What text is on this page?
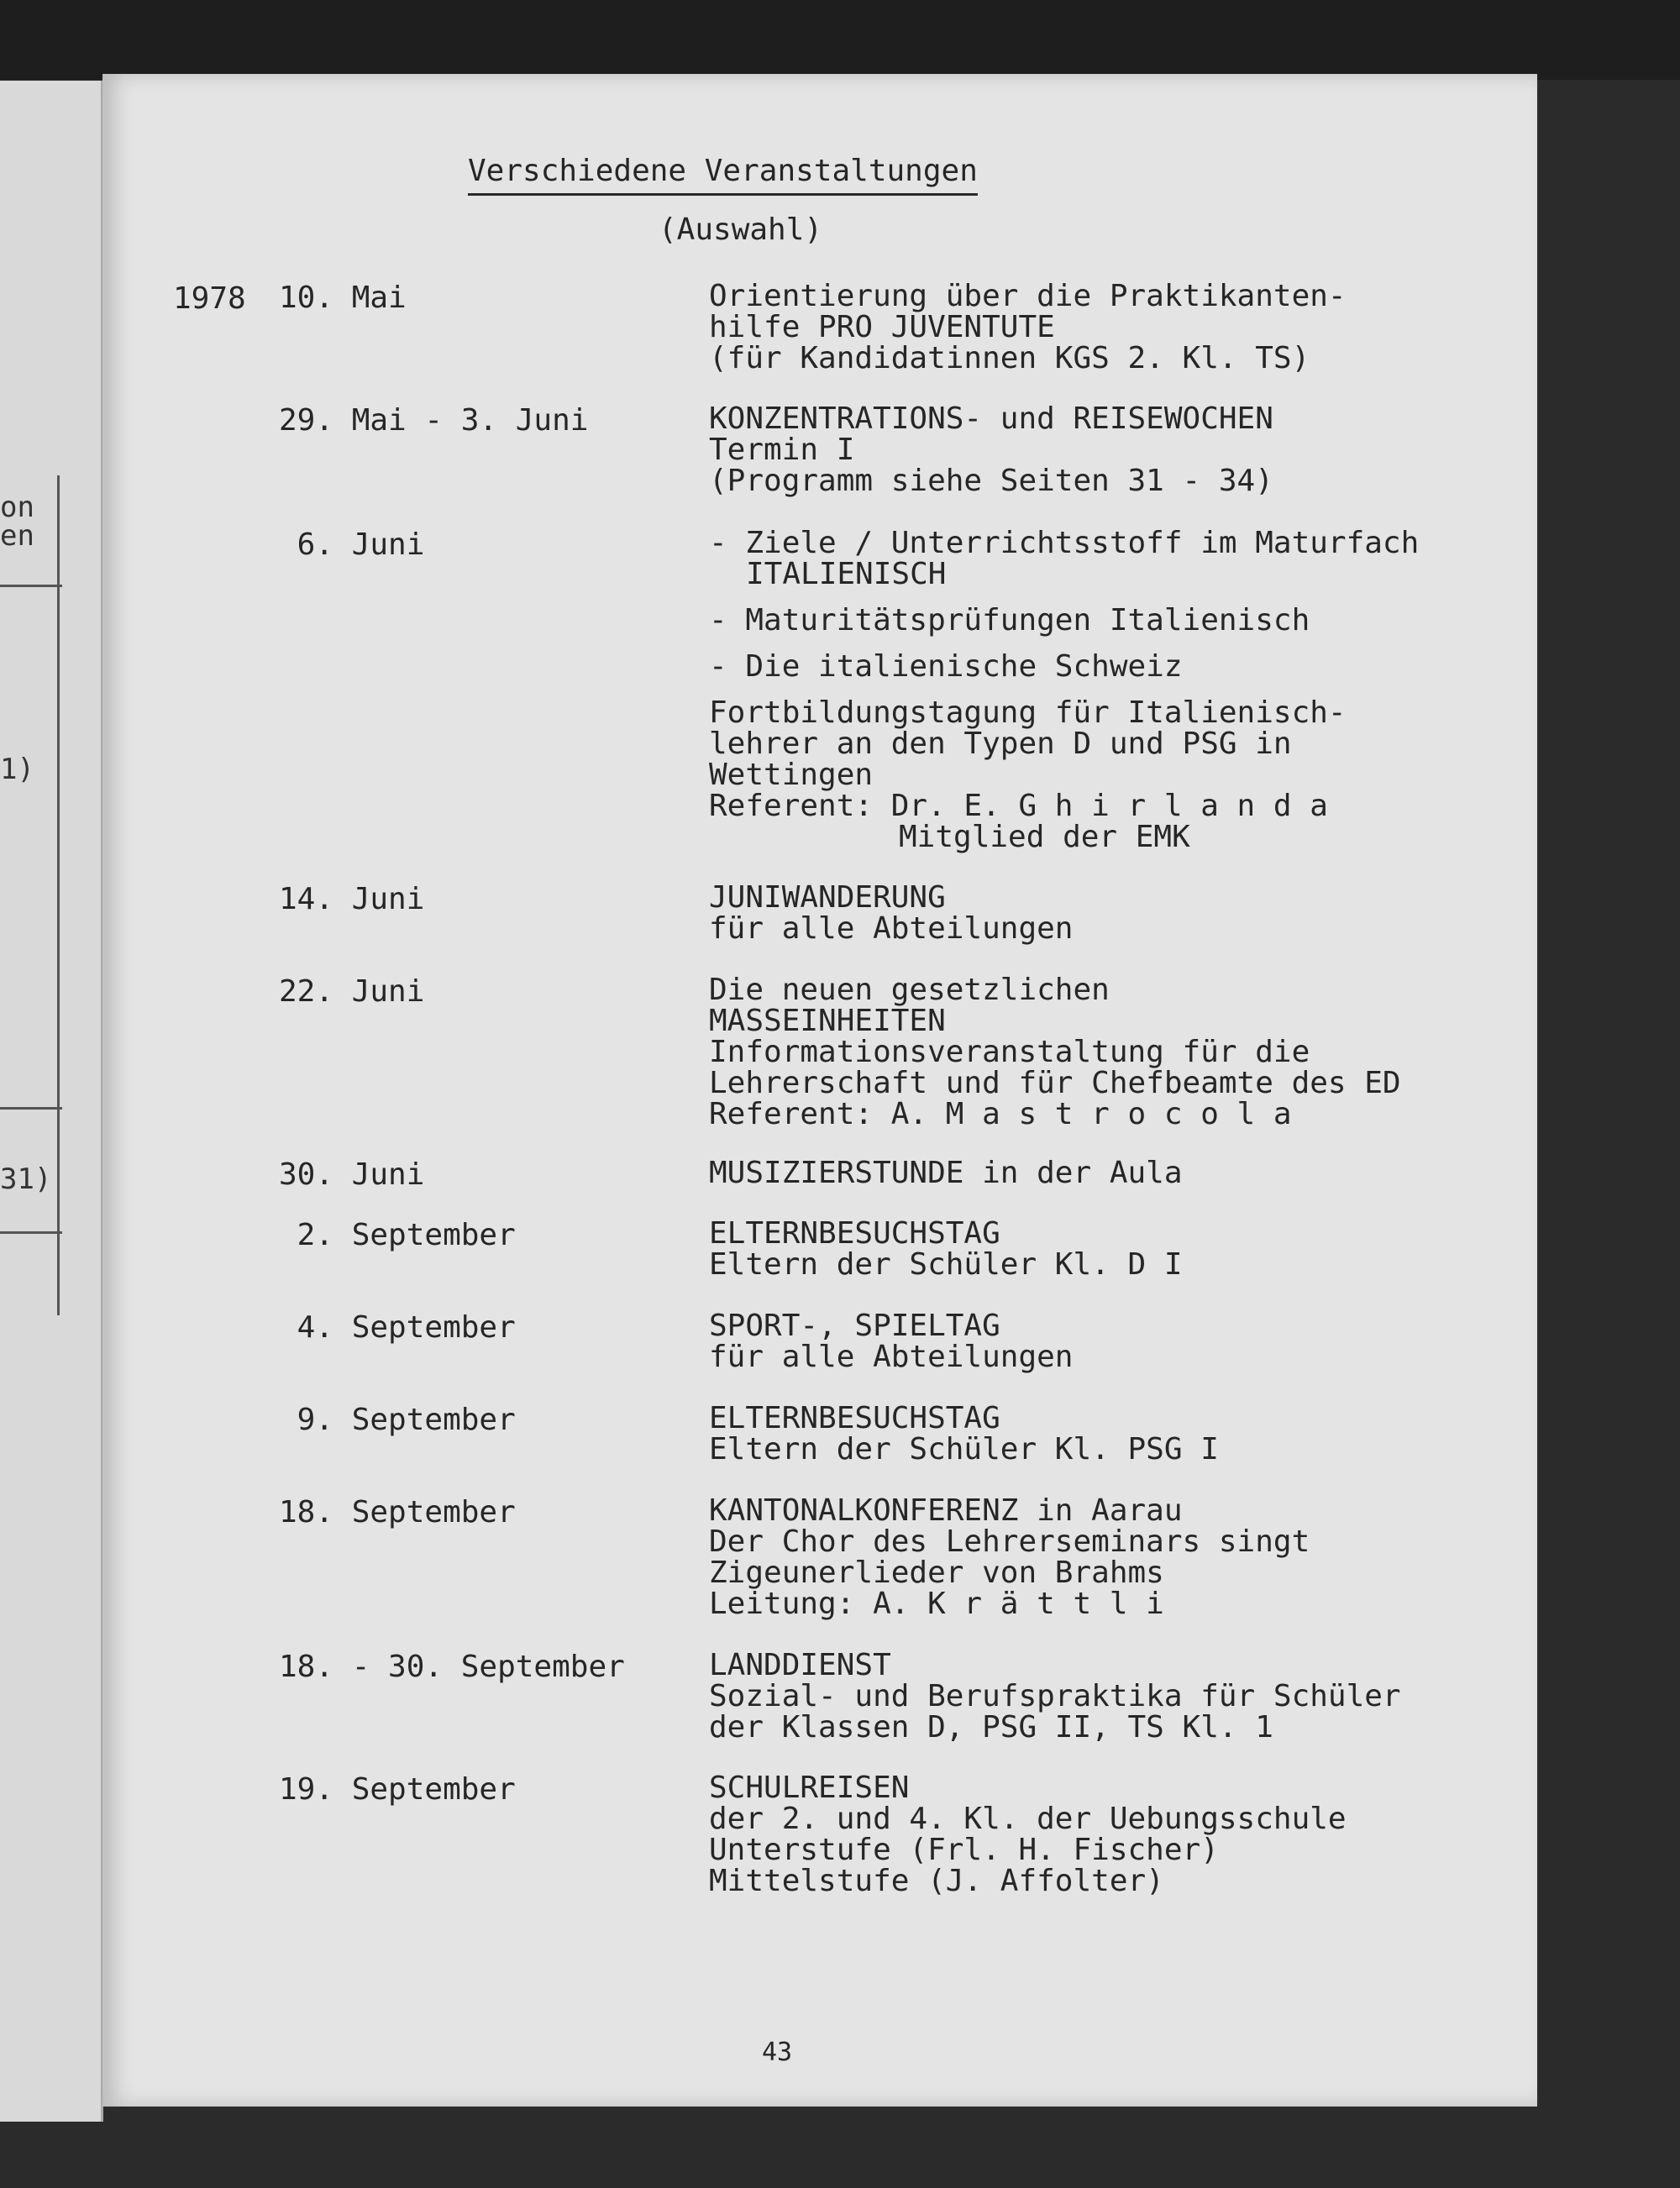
on
en
1)
31)
Verschiedene Veranstaltungen
(Auswahl)
1978 10. Mai	Orientierung über die Praktikanten-
hilfe PRO JUVENTUTE
(für Kandidatinnen KGS 2. Kl. TS)
29. Mai - 3. Juni	KONZENTRATIONS- und REISEWOCHEN
Termin I
(Programm siehe Seiten 31 - 34)
6. Juni	- Ziele / Unterrichtsstoff im Maturfach
ITALIENISCH
- Maturitätsprüfungen Italienisch
- Die italienische Schweiz
Fortbildungstagung für Italienisch-
lehrer an den Typen D und PSG in
Wettingen
Referent: Dr. E. G h i r l a n d a
Mitglied der EMK
14. Juni	JUNIWANDERUNG
für alle Abteilungen
22. Juni	Die neuen gesetzlichen
MASSEINHEITEN
Informationsveranstaltung für die
Lehrerschaft und für Chefbeamte des ED
Referent: A. M a s t r o c o l a
30. Juni	MUSIZIERSTUNDE in der Aula
2. September	ELTERNBESUCHSTAG
Eltern der Schüler Kl. D I
4. September	SPORT-, SPIELTAG
für alle Abteilungen
9. September	ELTERNBESUCHSTAG
Eltern der Schüler Kl. PSG I
18. September	KANTONALKONFERENZ in Aarau
Der Chor des Lehrerseminars singt
Zigeunerlieder von Brahms
Leitung: A. K r ä t t l i
18. - 30. September	LANDDIENST
Sozial- und Berufspraktika für Schüler
der Klassen D, PSG II, TS Kl. 1
19. September	SCHULREISEN
der 2. und 4. Kl. der Uebungsschule
Unterstufe (Frl. H. Fischer)
Mittelstufe (J. Affolter)
43
